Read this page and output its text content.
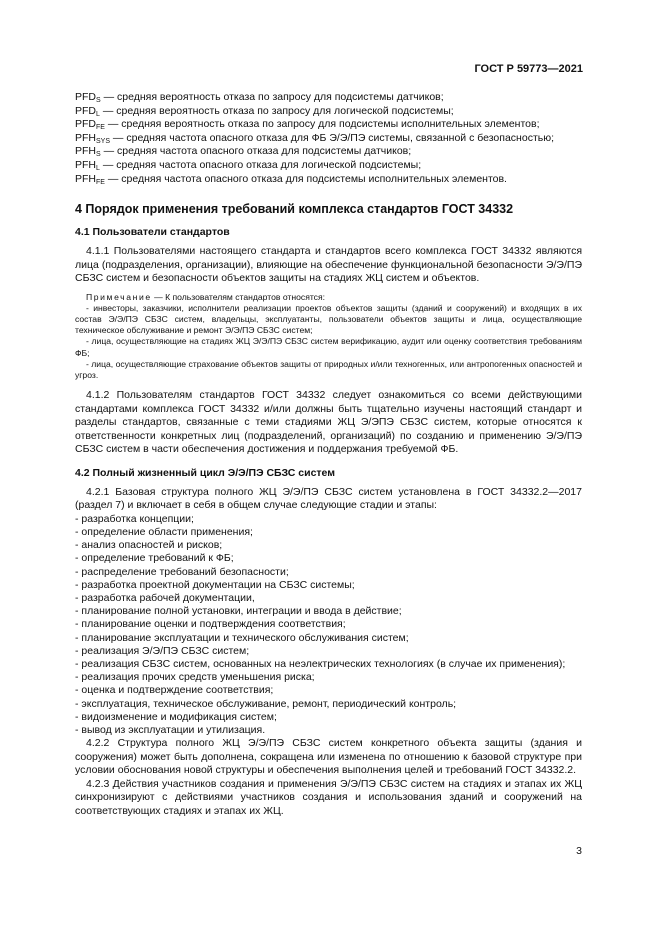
ГОСТ Р 59773—2021
$PFD_S$ — средняя вероятность отказа по запросу для подсистемы датчиков;
$PFD_L$ — средняя вероятность отказа по запросу для логической подсистемы;
$PFD_{FE}$ — средняя вероятность отказа по запросу для подсистемы исполнительных элементов;
$PFH_{SYS}$ — средняя частота опасного отказа для ФБ Э/Э/ПЭ системы, связанной с безопасностью;
$PFH_S$ — средняя частота опасного отказа для подсистемы датчиков;
$PFH_L$ — средняя частота опасного отказа для логической подсистемы;
$PFH_{FE}$ — средняя частота опасного отказа для подсистемы исполнительных элементов.
4 Порядок применения требований комплекса стандартов ГОСТ 34332
4.1 Пользователи стандартов

4.1.1 Пользователями настоящего стандарта и стандартов всего комплекса ГОСТ 34332 являются лица (подразделения, организации), влияющие на обеспечение функциональной безопасности Э/Э/ПЭ СБЗС систем и безопасности объектов защиты на стадиях ЖЦ систем и объектов.

Примечание — К пользователям стандартов относятся:

- инвесторы, заказчики, исполнители реализации проектов объектов защиты (зданий и сооружений) и входящих в их состав Э/Э/ПЭ СБЗС систем, владельцы, эксплуатанты, пользователи объектов защиты и лица, осуществляющие техническое обслуживание и ремонт Э/Э/ПЭ СБЗС систем;

- лица, осуществляющие на стадиях ЖЦ Э/Э/ПЭ СБЗС систем верификацию, аудит или оценку соответствия требованиям ФБ;

- лица, осуществляющие страхование объектов защиты от природных и/или техногенных, или антропогенных опасностей и угроз.

4.1.2 Пользователям стандартов ГОСТ 34332 следует ознакомиться со всеми действующими стандартами комплекса ГОСТ 34332 и/или должны быть тщательно изучены настоящий стандарт и разделы стандартов, связанные с теми стадиями ЖЦ Э/ЭПЭ СБЗС систем, которые относятся к ответственности конкретных лиц (подразделений, организаций) по созданию и применению Э/Э/ПЭ СБЗС систем в части обеспечения достижения и поддержания требуемой ФБ.

4.2 Полный жизненный цикл Э/Э/ПЭ СБЗС систем

4.2.1 Базовая структура полного ЖЦ Э/Э/ПЭ СБЗС систем установлена в ГОСТ 34332.2—2017 (раздел 7) и включает в себя в общем случае следующие стадии и этапы:

- разработка концепции;
- определение области применения;
- анализ опасностей и рисков;
- определение требований к ФБ;
- распределение требований безопасности;
- разработка проектной документации на СБЗС системы;
- разработка рабочей документации,
- планирование полной установки, интеграции и ввода в действие;
- планирование оценки и подтверждения соответствия;
- планирование эксплуатации и технического обслуживания систем;
- реализация Э/Э/ПЭ СБЗС систем;
- реализация СБЗС систем, основанных на неэлектрических технологиях (в случае их применения);
- реализация прочих средств уменьшения риска;
- оценка и подтверждение соответствия;
- эксплуатация, техническое обслуживание, ремонт, периодический контроль;
- видоизменение и модификация систем;
- вывод из эксплуатации и утилизация.

4.2.2 Структура полного ЖЦ Э/Э/ПЭ СБЗС систем конкретного объекта защиты (здания и сооружения) может быть дополнена, сокращена или изменена по отношению к базовой структуре при условии обоснования новой структуры и обеспечения выполнения целей и требований ГОСТ 34332.2.

4.2.3 Действия участников создания и применения Э/Э/ПЭ СБЗС систем на стадиях и этапах их ЖЦ синхронизируют с действиями участников создания и использования зданий и сооружений на соответствующих стадиях и этапах их ЖЦ.

3
